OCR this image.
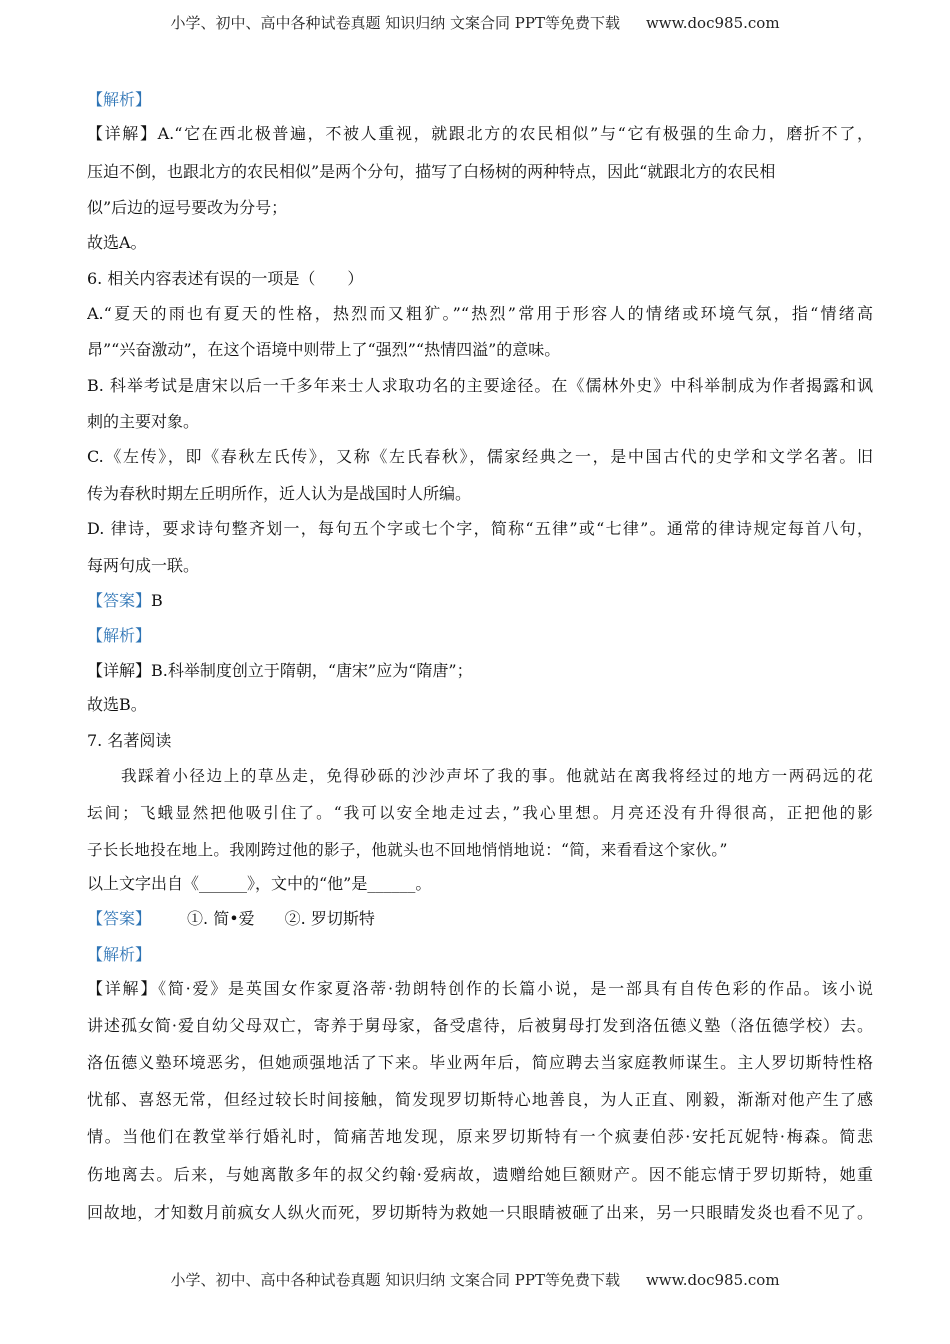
小学、初中、高中各种试卷真题 知识归纳 文案合同 PPT等免费下载 www.doc985.com
【解析】
【详解】A.“它在西北极普遍，不被人重视，就跟北方的农民相似”与“它有极强的生命力，磨折不了，
压迫不倒，也跟北方的农民相似”是两个分句，描写了白杨树的两种特点，因此“就跟北方的农民相
似”后边的逗号要改为分号；
故选A。
6. 相关内容表述有误的一项是（　　）
A.“夏天的雨也有夏天的性格，热烈而又粗犷。”“热烈”常用于形容人的情绪或环境气氛，指“情绪高
昂”“兴奋激动”，在这个语境中则带上了“强烈”“热情四溢”的意味。
B. 科举考试是唐宋以后一千多年来士人求取功名的主要途径。在《儒林外史》中科举制成为作者揭露和讽
刺的主要对象。
C.《左传》，即《春秋左氏传》，又称《左氏春秋》，儒家经典之一，是中国古代的史学和文学名著。旧
传为春秋时期左丘明所作，近人认为是战国时人所编。
D. 律诗，要求诗句整齐划一，每句五个字或七个字，简称“五律”或“七律”。通常的律诗规定每首八句，
每两句成一联。
【答案】B
【解析】
【详解】B.科举制度创立于隋朝，“唐宋”应为“隋唐”；
故选B。
7. 名著阅读
我踩着小径边上的草丛走，免得砂砾的沙沙声坏了我的事。他就站在离我将经过的地方一两码远的花
坛间；飞蛾显然把他吸引住了。“我可以安全地走过去，”我心里想。月亮还没有升得很高，正把他的影
子长长地投在地上。我刚跨过他的影子，他就头也不回地悄悄地说：“简，来看看这个家伙。”
以上文字出自《______》，文中的“他”是______。
【答案】 ①. 简•爱 ②. 罗切斯特
【解析】
【详解】《简·爱》是英国女作家夏洛蒂·勃朗特创作的长篇小说，是一部具有自传色彩的作品。该小说
讲述孤女简·爱自幼父母双亡，寄养于舅母家，备受虐待，后被舅母打发到洛伍德义塾（洛伍德学校）去。
洛伍德义塾环境恶劣，但她顽强地活了下来。毕业两年后，简应聘去当家庭教师谋生。主人罗切斯特性格
忧郁、喜怒无常，但经过较长时间接触，简发现罗切斯特心地善良，为人正直、刚毅，渐渐对他产生了感
情。当他们在教堂举行婚礼时，简痛苦地发现，原来罗切斯特有一个疯妻伯莎·安托瓦妮特·梅森。简悲
伤地离去。后来，与她离散多年的叔父约翰·爱病故，遗赠给她巨额财产。因不能忘情于罗切斯特，她重
回故地，才知数月前疯女人纵火而死，罗切斯特为救她一只眼睛被砸了出来，另一只眼睛发炎也看不见了。
小学、初中、高中各种试卷真题 知识归纳 文案合同 PPT等免费下载 www.doc985.com
